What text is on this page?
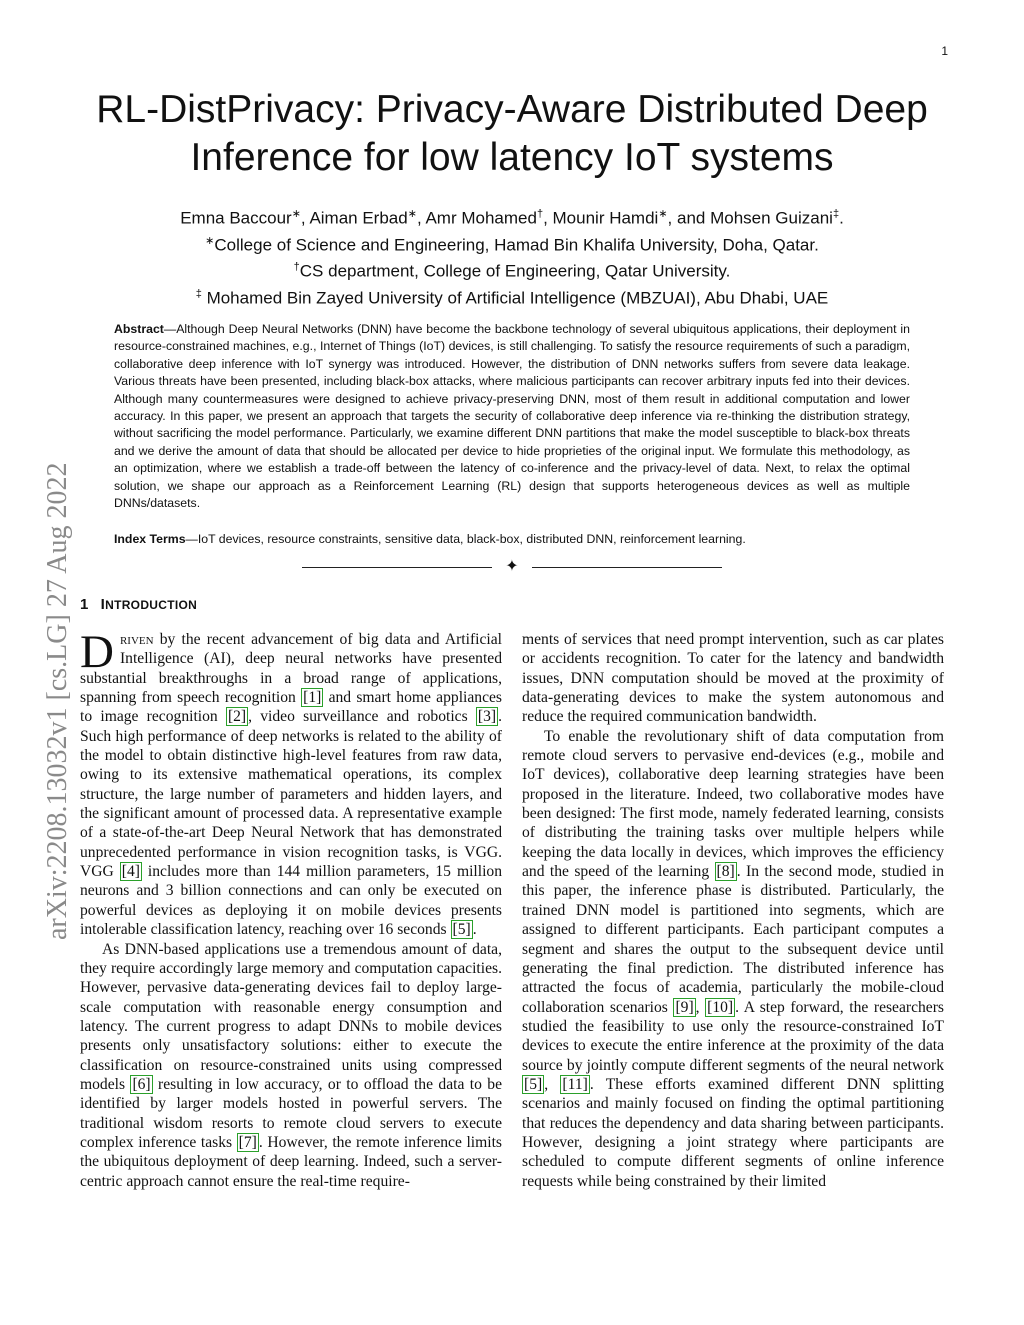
1
arXiv:2208.13032v1 [cs.LG] 27 Aug 2022
RL-DistPrivacy: Privacy-Aware Distributed Deep
Inference for low latency IoT systems
Emna Baccour∗, Aiman Erbad∗, Amr Mohamed†, Mounir Hamdi∗, and Mohsen Guizani‡.
∗College of Science and Engineering, Hamad Bin Khalifa University, Doha, Qatar.
†CS department, College of Engineering, Qatar University.
‡ Mohamed Bin Zayed University of Artificial Intelligence (MBZUAI), Abu Dhabi, UAE

Abstract—Although Deep Neural Networks (DNN) have become the backbone technology of several ubiquitous applications, their deployment in resource-constrained machines, e.g., Internet of Things (IoT) devices, is still challenging. To satisfy the resource requirements of such a paradigm, collaborative deep inference with IoT synergy was introduced. However, the distribution of DNN networks suffers from severe data leakage. Various threats have been presented, including black-box attacks, where malicious participants can recover arbitrary inputs fed into their devices. Although many countermeasures were designed to achieve privacy-preserving DNN, most of them result in additional computation and lower accuracy. In this paper, we present an approach that targets the security of collaborative deep inference via re-thinking the distribution strategy, without sacrificing the model performance. Particularly, we examine different DNN partitions that make the model susceptible to black-box threats and we derive the amount of data that should be allocated per device to hide proprieties of the original input. We formulate this methodology, as an optimization, where we establish a trade-off between the latency of co-inference and the privacy-level of data. Next, to relax the optimal solution, we shape our approach as a Reinforcement Learning (RL) design that supports heterogeneous devices as well as multiple DNNs/datasets.

Index Terms—IoT devices, resource constraints, sensitive data, black-box, distributed DNN, reinforcement learning.

✦
1 INTRODUCTION

Driven by the recent advancement of big data and Artificial Intelligence (AI), deep neural networks have presented substantial breakthroughs in a broad range of applications, spanning from speech recognition [1] and smart home appliances to image recognition [2] , video surveillance and robotics [3] . Such high performance of deep networks is related to the ability of the model to obtain distinctive high-level features from raw data, owing to its extensive mathematical operations, its complex structure, the large number of parameters and hidden layers, and the significant amount of processed data. A representative example of a state-of-the-art Deep Neural Network that has demonstrated unprecedented performance in vision recognition tasks, is VGG. VGG [4] includes more than 144 million parameters, 15 million neurons and 3 billion connections and can only be executed on powerful devices as deploying it on mobile devices presents intolerable classification latency, reaching over 16 seconds [5] .

As DNN-based applications use a tremendous amount of data, they require accordingly large memory and computation capacities. However, pervasive data-generating devices fail to deploy large-scale computation with reasonable energy consumption and latency. The current progress to adapt DNNs to mobile devices presents only unsatisfactory solutions: either to execute the classification on resource-constrained units using compressed models [6] resulting in low accuracy, or to offload the data to be identified by larger models hosted in powerful servers. The traditional wisdom resorts to remote cloud servers to execute complex inference tasks [7] . However, the remote inference limits the ubiquitous deployment of deep learning. Indeed, such a server-centric approach cannot ensure the real-time require-

ments of services that need prompt intervention, such as car plates or accidents recognition. To cater for the latency and bandwidth issues, DNN computation should be moved at the proximity of data-generating devices to make the system autonomous and reduce the required communication bandwidth.

To enable the revolutionary shift of data computation from remote cloud servers to pervasive end-devices (e.g., mobile and IoT devices), collaborative deep learning strategies have been proposed in the literature. Indeed, two collaborative modes have been designed: The first mode, namely federated learning, consists of distributing the training tasks over multiple helpers while keeping the data locally in devices, which improves the efficiency and the speed of the learning [8] . In the second mode, studied in this paper, the inference phase is distributed. Particularly, the trained DNN model is partitioned into segments, which are assigned to different participants. Each participant computes a segment and shares the output to the subsequent device until generating the final prediction. The distributed inference has attracted the focus of academia, particularly the mobile-cloud collaboration scenarios [9] , [10] . A step forward, the researchers studied the feasibility to use only the resource-constrained IoT devices to execute the entire inference at the proximity of the data source by jointly compute different segments of the neural network [5] , [11] . These efforts examined different DNN splitting scenarios and mainly focused on finding the optimal partitioning that reduces the dependency and data sharing between participants. However, designing a joint strategy where participants are scheduled to compute different segments of online inference requests while being constrained by their limited
